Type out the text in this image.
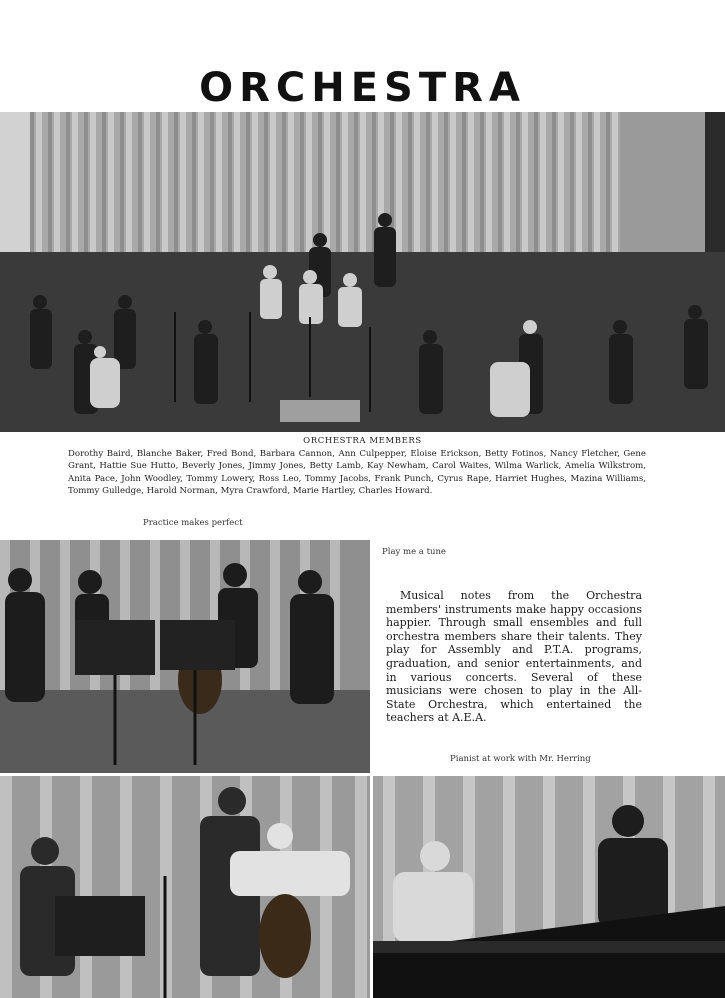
ORCHESTRA
ORCHESTRA MEMBERS
Dorothy Baird, Blanche Baker, Fred Bond, Barbara Cannon, Ann Culpepper, Eloise Erickson, Betty Fotinos, Nancy Fletcher, Gene Grant, Hattie Sue Hutto, Beverly Jones, Jimmy Jones, Betty Lamb, Kay Newham, Carol Waites, Wilma Warlick, Amelia Wilkstrom, Anita Pace, John Woodley, Tommy Lowery, Ross Leo, Tommy Jacobs, Frank Punch, Cyrus Rape, Harriet Hughes, Mazina Williams, Tommy Gulledge, Harold Norman, Myra Crawford, Marie Hartley, Charles Howard.
Practice makes perfect
Play me a tune
Pianist at work with Mr. Herring
Musical notes from the Orchestra members' instruments make happy occasions happier. Through small ensembles and full orchestra members share their talents. They play for Assembly and P.T.A. programs, graduation, and senior entertainments, and in various concerts. Several of these musicians were chosen to play in the All-State Orchestra, which entertained the teachers at A.E.A.
